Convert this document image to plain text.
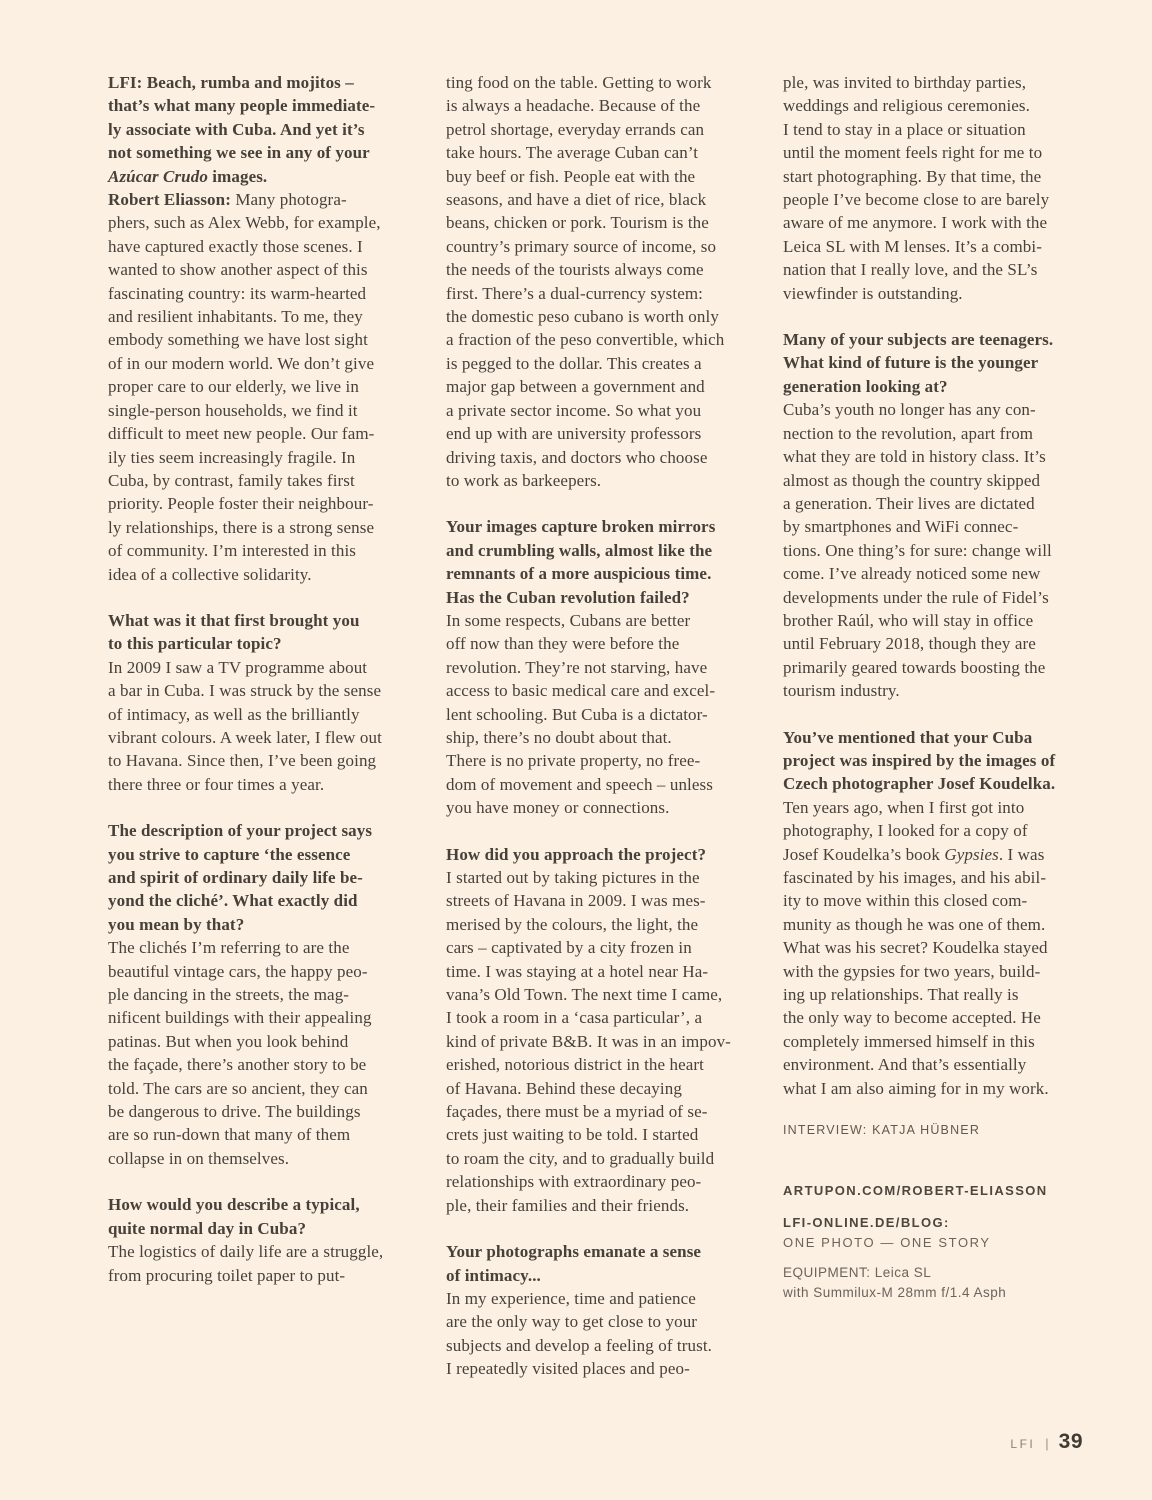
LFI: Beach, rumba and mojitos –
that’s what many people immediate-
ly associate with Cuba. And yet it’s
not something we see in any of your
Azúcar Crudo images.
Robert Eliasson: Many photogra-
phers, such as Alex Webb, for example,
have captured exactly those scenes. I
wanted to show another aspect of this
fascinating country: its warm-hearted
and resilient inhabitants. To me, they
embody something we have lost sight
of in our modern world. We don’t give
proper care to our elderly, we live in
single-person households, we find it
difficult to meet new people. Our fam-
ily ties seem increasingly fragile. In
Cuba, by contrast, family takes first
priority. People foster their neighbour-
ly relationships, there is a strong sense
of community. I’m interested in this
idea of a collective solidarity.
What was it that first brought you
to this particular topic?
In 2009 I saw a TV programme about
a bar in Cuba. I was struck by the sense
of intimacy, as well as the brilliantly
vibrant colours. A week later, I flew out
to Havana. Since then, I’ve been going
there three or four times a year.
The description of your project says
you strive to capture ‘the essence
and spirit of ordinary daily life be-
yond the cliché’. What exactly did
you mean by that?
The clichés I’m referring to are the
beautiful vintage cars, the happy peo-
ple dancing in the streets, the mag-
nificent buildings with their appealing
patinas. But when you look behind
the façade, there’s another story to be
told. The cars are so ancient, they can
be dangerous to drive. The buildings
are so run-down that many of them
collapse in on themselves.
How would you describe a typical,
quite normal day in Cuba?
The logistics of daily life are a struggle,
from procuring toilet paper to put-
ting food on the table. Getting to work
is always a headache. Because of the
petrol shortage, everyday errands can
take hours. The average Cuban can’t
buy beef or fish. People eat with the
seasons, and have a diet of rice, black
beans, chicken or pork. Tourism is the
country’s primary source of income, so
the needs of the tourists always come
first. There’s a dual-currency system:
the domestic peso cubano is worth only
a fraction of the peso convertible, which
is pegged to the dollar. This creates a
major gap between a government and
a private sector income. So what you
end up with are university professors
driving taxis, and doctors who choose
to work as barkeepers.
Your images capture broken mirrors
and crumbling walls, almost like the
remnants of a more auspicious time.
Has the Cuban revolution failed?
In some respects, Cubans are better
off now than they were before the
revolution. They’re not starving, have
access to basic medical care and excel-
lent schooling. But Cuba is a dictator-
ship, there’s no doubt about that.
There is no private property, no free-
dom of movement and speech – unless
you have money or connections.
How did you approach the project?
I started out by taking pictures in the
streets of Havana in 2009. I was mes-
merised by the colours, the light, the
cars – captivated by a city frozen in
time. I was staying at a hotel near Ha-
vana’s Old Town. The next time I came,
I took a room in a ‘casa particular’, a
kind of private B&B. It was in an impov-
erished, notorious district in the heart
of Havana. Behind these decaying
façades, there must be a myriad of se-
crets just waiting to be told. I started
to roam the city, and to gradually build
relationships with extraordinary peo-
ple, their families and their friends.
Your photographs emanate a sense
of intimacy...
In my experience, time and patience
are the only way to get close to your
subjects and develop a feeling of trust.
I repeatedly visited places and peo-
ple, was invited to birthday parties,
weddings and religious ceremonies.
I tend to stay in a place or situation
until the moment feels right for me to
start photographing. By that time, the
people I’ve become close to are barely
aware of me anymore. I work with the
Leica SL with M lenses. It’s a combi-
nation that I really love, and the SL’s
viewfinder is outstanding.
Many of your subjects are teenagers.
What kind of future is the younger
generation looking at?
Cuba’s youth no longer has any con-
nection to the revolution, apart from
what they are told in history class. It’s
almost as though the country skipped
a generation. Their lives are dictated
by smartphones and WiFi connec-
tions. One thing’s for sure: change will
come. I’ve already noticed some new
developments under the rule of Fidel’s
brother Raúl, who will stay in office
until February 2018, though they are
primarily geared towards boosting the
tourism industry.
You’ve mentioned that your Cuba
project was inspired by the images of
Czech photographer Josef Koudelka.
Ten years ago, when I first got into
photography, I looked for a copy of
Josef Koudelka’s book Gypsies. I was
fascinated by his images, and his abil-
ity to move within this closed com-
munity as though he was one of them.
What was his secret? Koudelka stayed
with the gypsies for two years, build-
ing up relationships. That really is
the only way to become accepted. He
completely immersed himself in this
environment. And that’s essentially
what I am also aiming for in my work.
INTERVIEW: KATJA HÜBNER
ARTUPON.COM/ROBERT-ELIASSON
LFI-ONLINE.DE/BLOG:
ONE PHOTO — ONE STORY
EQUIPMENT: Leica SL
with Summilux-M 28mm f/1.4 Asph
LFI | 39
